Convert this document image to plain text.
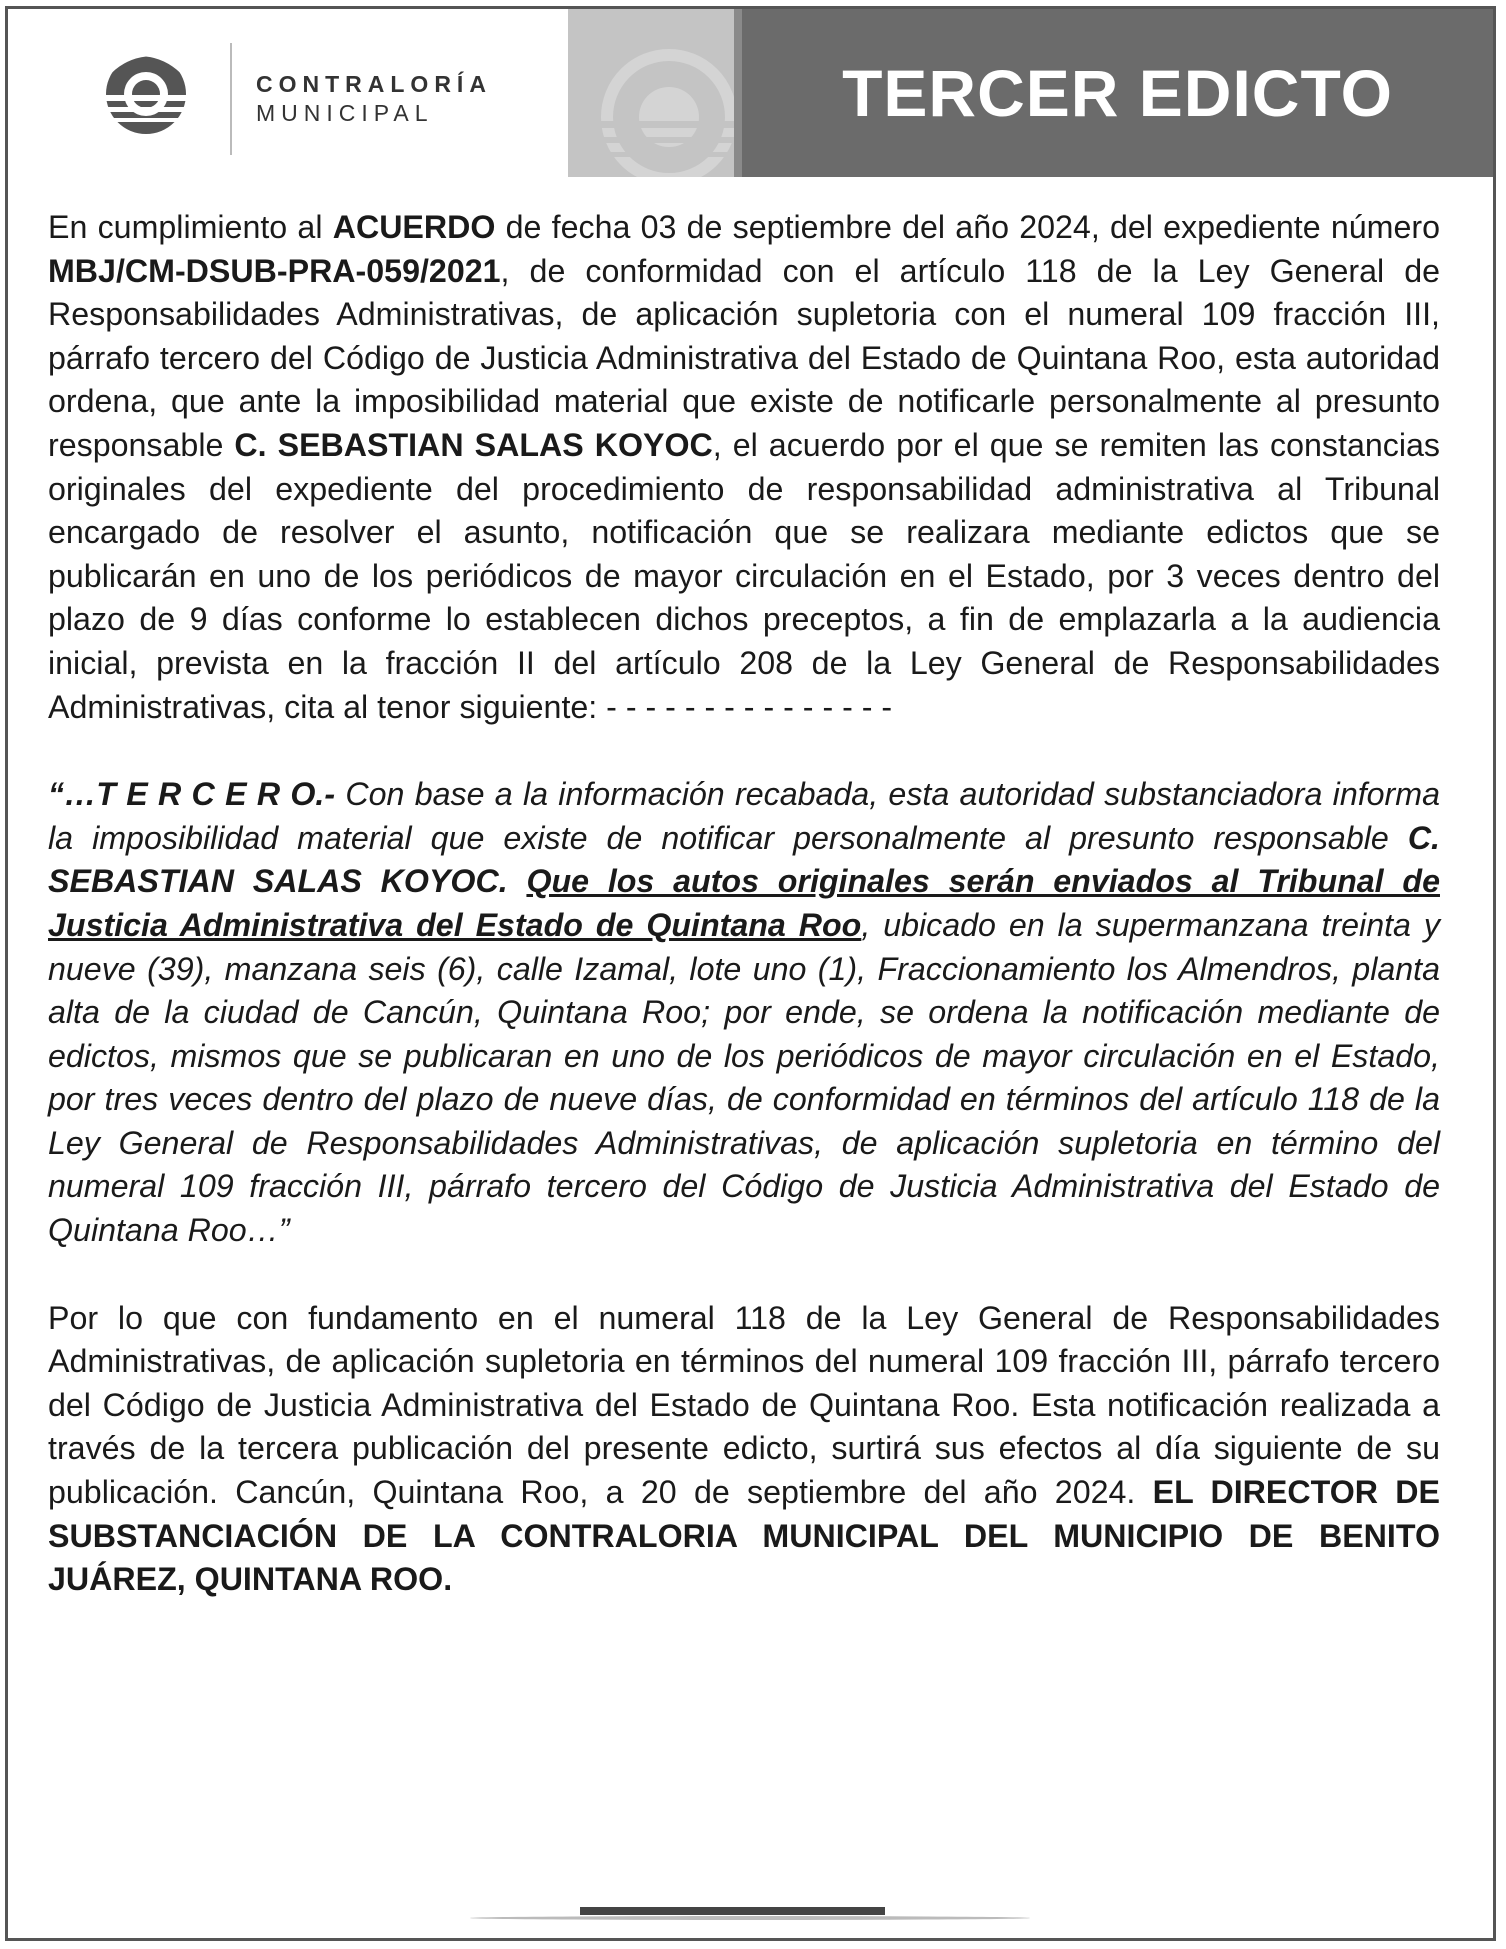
CONTRALORÍA
MUNICIPAL	TERCER EDICTO

En cumplimiento al ACUERDO de fecha 03 de septiembre del año 2024, del expediente número MBJ/CM-DSUB-PRA-059/2021, de conformidad con el artículo 118 de la Ley General de Responsabilidades Administrativas, de aplicación supletoria con el numeral 109 fracción III, párrafo tercero del Código de Justicia Administrativa del Estado de Quintana Roo, esta autoridad ordena, que ante la imposibilidad material que existe de notificarle personalmente al presunto responsable C. SEBASTIAN SALAS KOYOC, el acuerdo por el que se remiten las constancias originales del expediente del procedimiento de responsabilidad administrativa al Tribunal encargado de resolver el asunto, notificación que se realizara mediante edictos que se publicarán en uno de los periódicos de mayor circulación en el Estado, por 3 veces dentro del plazo de 9 días conforme lo establecen dichos preceptos, a fin de emplazarla a la audiencia inicial, prevista en la fracción II del artículo 208 de la Ley General de Responsabilidades Administrativas, cita al tenor siguiente: - - - - - - - - - - - - - - -

“…T E R C E R O.- Con base a la información recabada, esta autoridad substanciadora informa la imposibilidad material que existe de notificar personalmente al presunto responsable C. SEBASTIAN SALAS KOYOC. Que los autos originales serán enviados al Tribunal de Justicia Administrativa del Estado de Quintana Roo, ubicado en la supermanzana treinta y nueve (39), manzana seis (6), calle Izamal, lote uno (1), Fraccionamiento los Almendros, planta alta de la ciudad de Cancún, Quintana Roo; por ende, se ordena la notificación mediante de edictos, mismos que se publicaran en uno de los periódicos de mayor circulación en el Estado, por tres veces dentro del plazo de nueve días, de conformidad en términos del artículo 118 de la Ley General de Responsabilidades Administrativas, de aplicación supletoria en término del numeral 109 fracción III, párrafo tercero del Código de Justicia Administrativa del Estado de Quintana Roo…”

Por lo que con fundamento en el numeral 118 de la Ley General de Responsabilidades Administrativas, de aplicación supletoria en términos del numeral 109 fracción III, párrafo tercero del Código de Justicia Administrativa del Estado de Quintana Roo. Esta notificación realizada a través de la tercera publicación del presente edicto, surtirá sus efectos al día siguiente de su publicación. Cancún, Quintana Roo, a 20 de septiembre del año 2024. EL DIRECTOR DE SUBSTANCIACIÓN DE LA CONTRALORIA MUNICIPAL DEL MUNICIPIO DE BENITO JUÁREZ, QUINTANA ROO.
